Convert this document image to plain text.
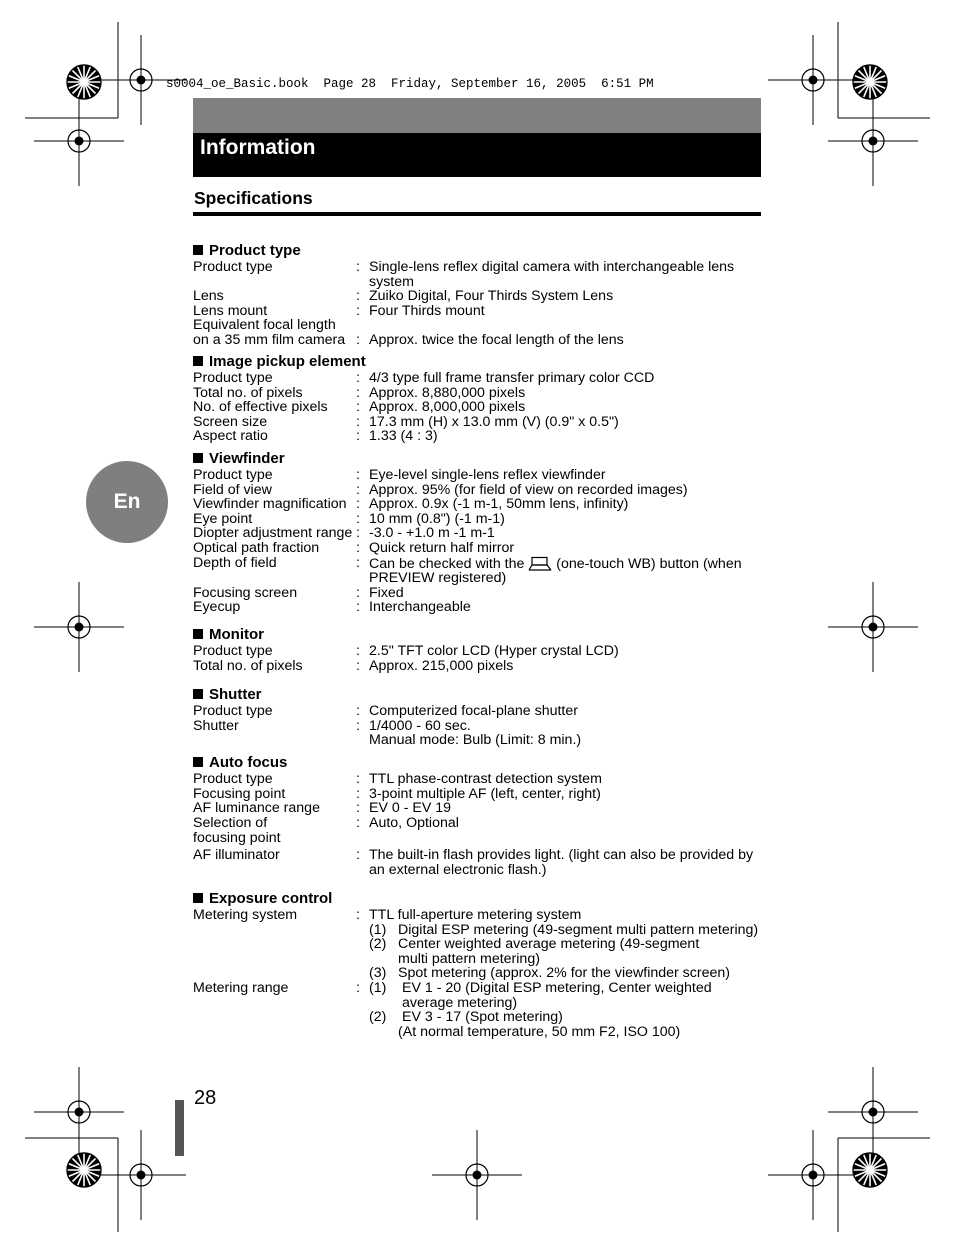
s0004_oe_Basic.book  Page 28  Friday, September 16, 2005  6:51 PM
Information
Specifications
En
Product type
Product type	: Single-lens reflex digital camera with interchangeable lens system
Lens	: Zuiko Digital, Four Thirds System Lens
Lens mount	: Four Thirds mount
Equivalent focal length
on a 35 mm film camera : Approx. twice the focal length of the lens
Image pickup element
Product type	: 4/3 type full frame transfer primary color CCD
Total no. of pixels	: Approx. 8,880,000 pixels
No. of effective pixels	: Approx. 8,000,000 pixels
Screen size	: 17.3 mm (H) x 13.0 mm (V) (0.9" x 0.5")
Aspect ratio	: 1.33 (4 : 3)
Viewfinder
Product type	: Eye-level single-lens reflex viewfinder
Field of view	: Approx. 95% (for field of view on recorded images)
Viewfinder magnification : Approx. 0.9x (-1 m-1, 50mm lens, infinity)
Eye point	: 10 mm (0.8") (-1 m-1)
Diopter adjustment range : -3.0 - +1.0 m -1 m-1
Optical path fraction	: Quick return half mirror
Depth of field	: Can be checked with the (one-touch WB) button (when PREVIEW registered)
Focusing screen	: Fixed
Eyecup	: Interchangeable
Monitor
Product type	: 2.5" TFT color LCD (Hyper crystal LCD)
Total no. of pixels	: Approx. 215,000 pixels
Shutter
Product type	: Computerized focal-plane shutter
Shutter	: 1/4000 - 60 sec.
Manual mode: Bulb (Limit: 8 min.)
Auto focus
Product type	: TTL phase-contrast detection system
Focusing point	: 3-point multiple AF (left, center, right)
AF luminance range	: EV 0 - EV 19
Selection of	: Auto, Optional
focusing point
AF illuminator	: The built-in flash provides light. (light can also be provided by an external electronic flash.)
Exposure control
Metering system	: TTL full-aperture metering system
(1) Digital ESP metering (49-segment multi pattern metering)
(2) Center weighted average metering (49-segment multi pattern metering)
(3) Spot metering (approx. 2% for the viewfinder screen)
Metering range	: (1)	EV 1 - 20 (Digital ESP metering, Center weighted average metering)
(2)	EV 3 - 17 (Spot metering)
(At normal temperature, 50 mm F2, ISO 100)
28
